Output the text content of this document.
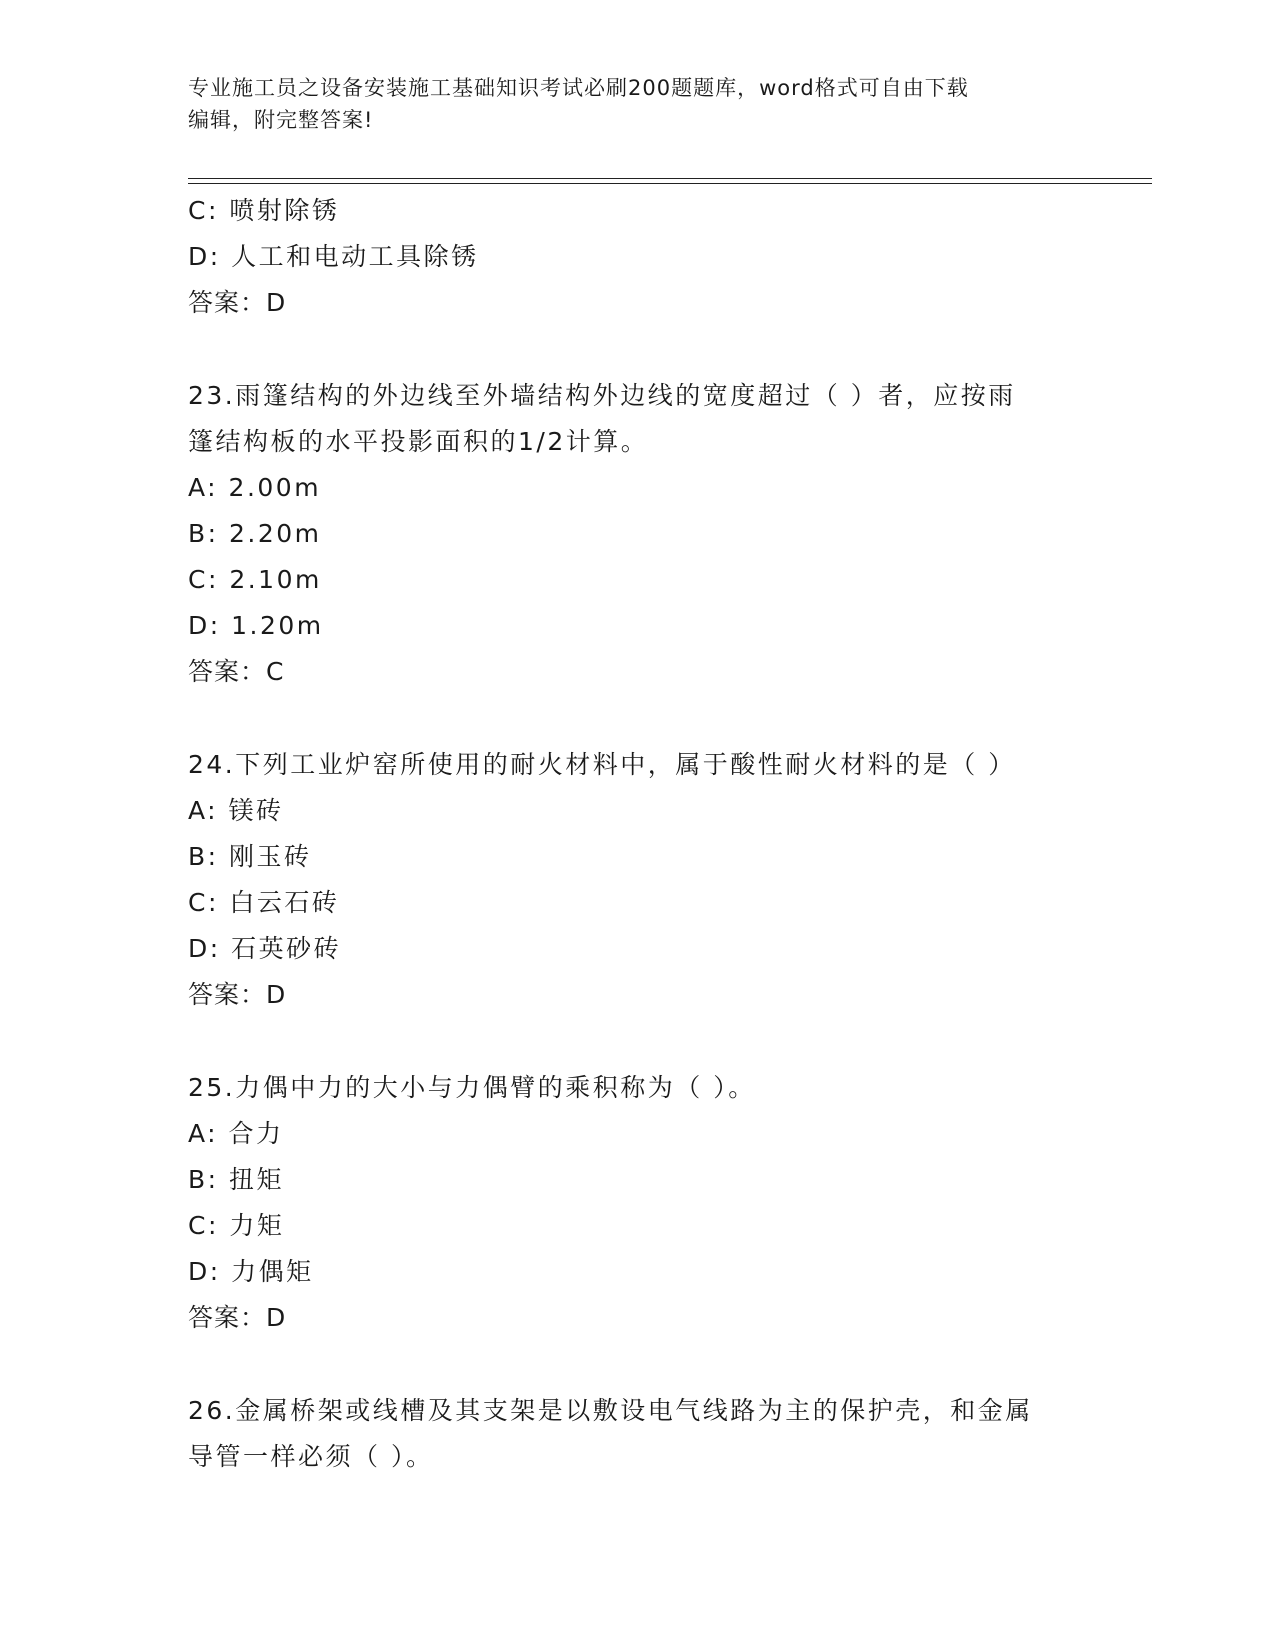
专业施工员之设备安装施工基础知识考试必刷200题题库，word格式可自由下载
编辑，附完整答案!
C: 喷射除锈
D: 人工和电动工具除锈
答案：D
23.雨篷结构的外边线至外墙结构外边线的宽度超过（ ）者，应按雨
篷结构板的水平投影面积的1/2计算。
A: 2.00m
B: 2.20m
C: 2.10m
D: 1.20m
答案：C
24.下列工业炉窑所使用的耐火材料中，属于酸性耐火材料的是（ ）
A: 镁砖
B: 刚玉砖
C: 白云石砖
D: 石英砂砖
答案：D
25.力偶中力的大小与力偶臂的乘积称为（ ）。
A: 合力
B: 扭矩
C: 力矩
D: 力偶矩
答案：D
26.金属桥架或线槽及其支架是以敷设电气线路为主的保护壳，和金属
导管一样必须（ ）。
